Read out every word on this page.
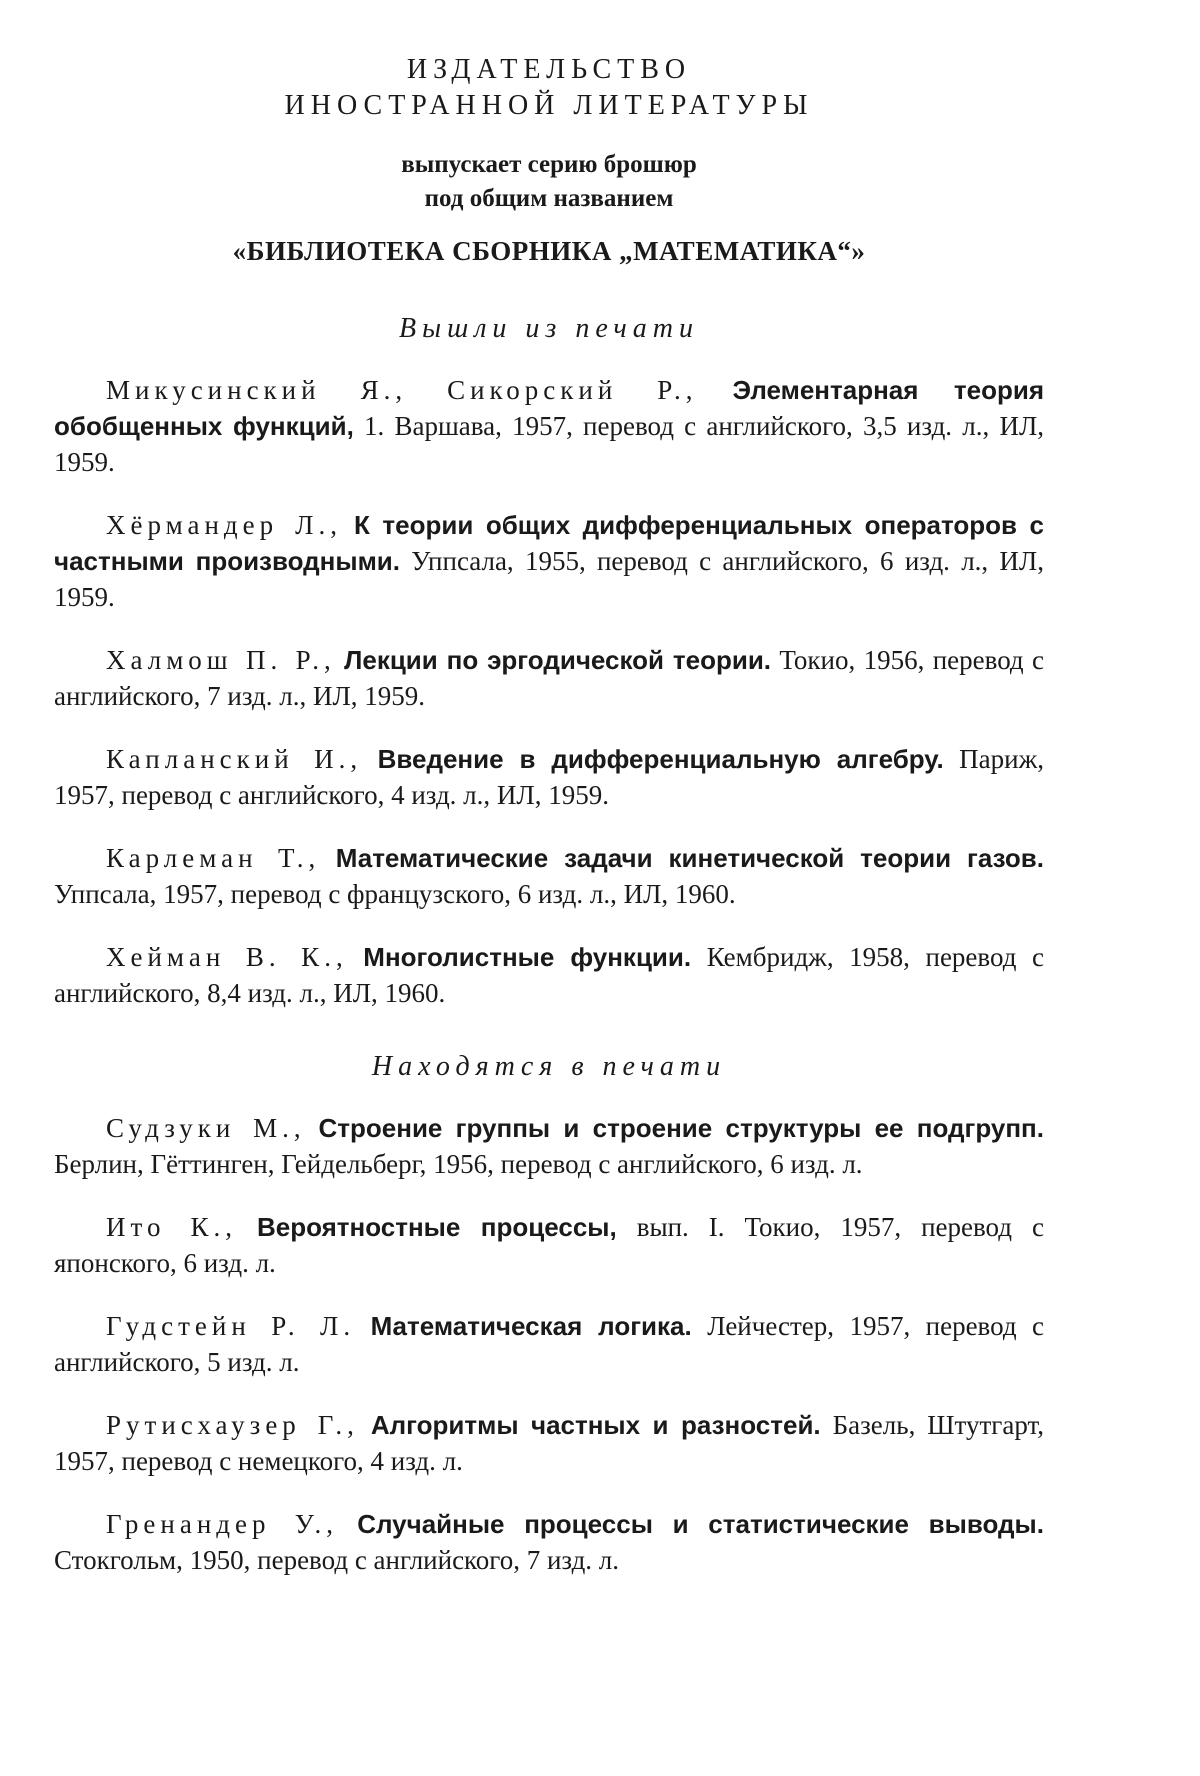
ИЗДАТЕЛЬСТВО
ИНОСТРАННОЙ ЛИТЕРАТУРЫ
выпускает серию брошюр
под общим названием
«БИБЛИОТЕКА СБОРНИКА „МАТЕМАТИКА“»
Вышли из печати

Микусинский Я., Сикорский Р., Элементарная теория обобщенных функций, 1. Варшава, 1957, перевод с английского, 3,5 изд. л., ИЛ, 1959.

Хёрмандер Л., К теории общих дифференциальных операторов с частными производными. Уппсала, 1955, перевод с английского, 6 изд. л., ИЛ, 1959.

Халмош П. Р., Лекции по эргодической теории. Токио, 1956, перевод с английского, 7 изд. л., ИЛ, 1959.

Капланский И., Введение в дифференциальную алгебру. Париж, 1957, перевод с английского, 4 изд. л., ИЛ, 1959.

Карлеман Т., Математические задачи кинетической теории газов. Уппсала, 1957, перевод с французского, 6 изд. л., ИЛ, 1960.

Хейман В. К., Многолистные функции. Кембридж, 1958, перевод с английского, 8,4 изд. л., ИЛ, 1960.

Находятся в печати

Судзуки М., Строение группы и строение структуры ее подгрупп. Берлин, Гёттинген, Гейдельберг, 1956, перевод с английского, 6 изд. л.

Ито К., Вероятностные процессы, вып. I. Токио, 1957, перевод с японского, 6 изд. л.

Гудстейн Р. Л. Математическая логика. Лейчестер, 1957, перевод с английского, 5 изд. л.

Рутисхаузер Г., Алгоритмы частных и разностей. Базель, Штутгарт, 1957, перевод с немецкого, 4 изд. л.

Гренандер У., Случайные процессы и статистические выводы. Стокгольм, 1950, перевод с английского, 7 изд. л.
